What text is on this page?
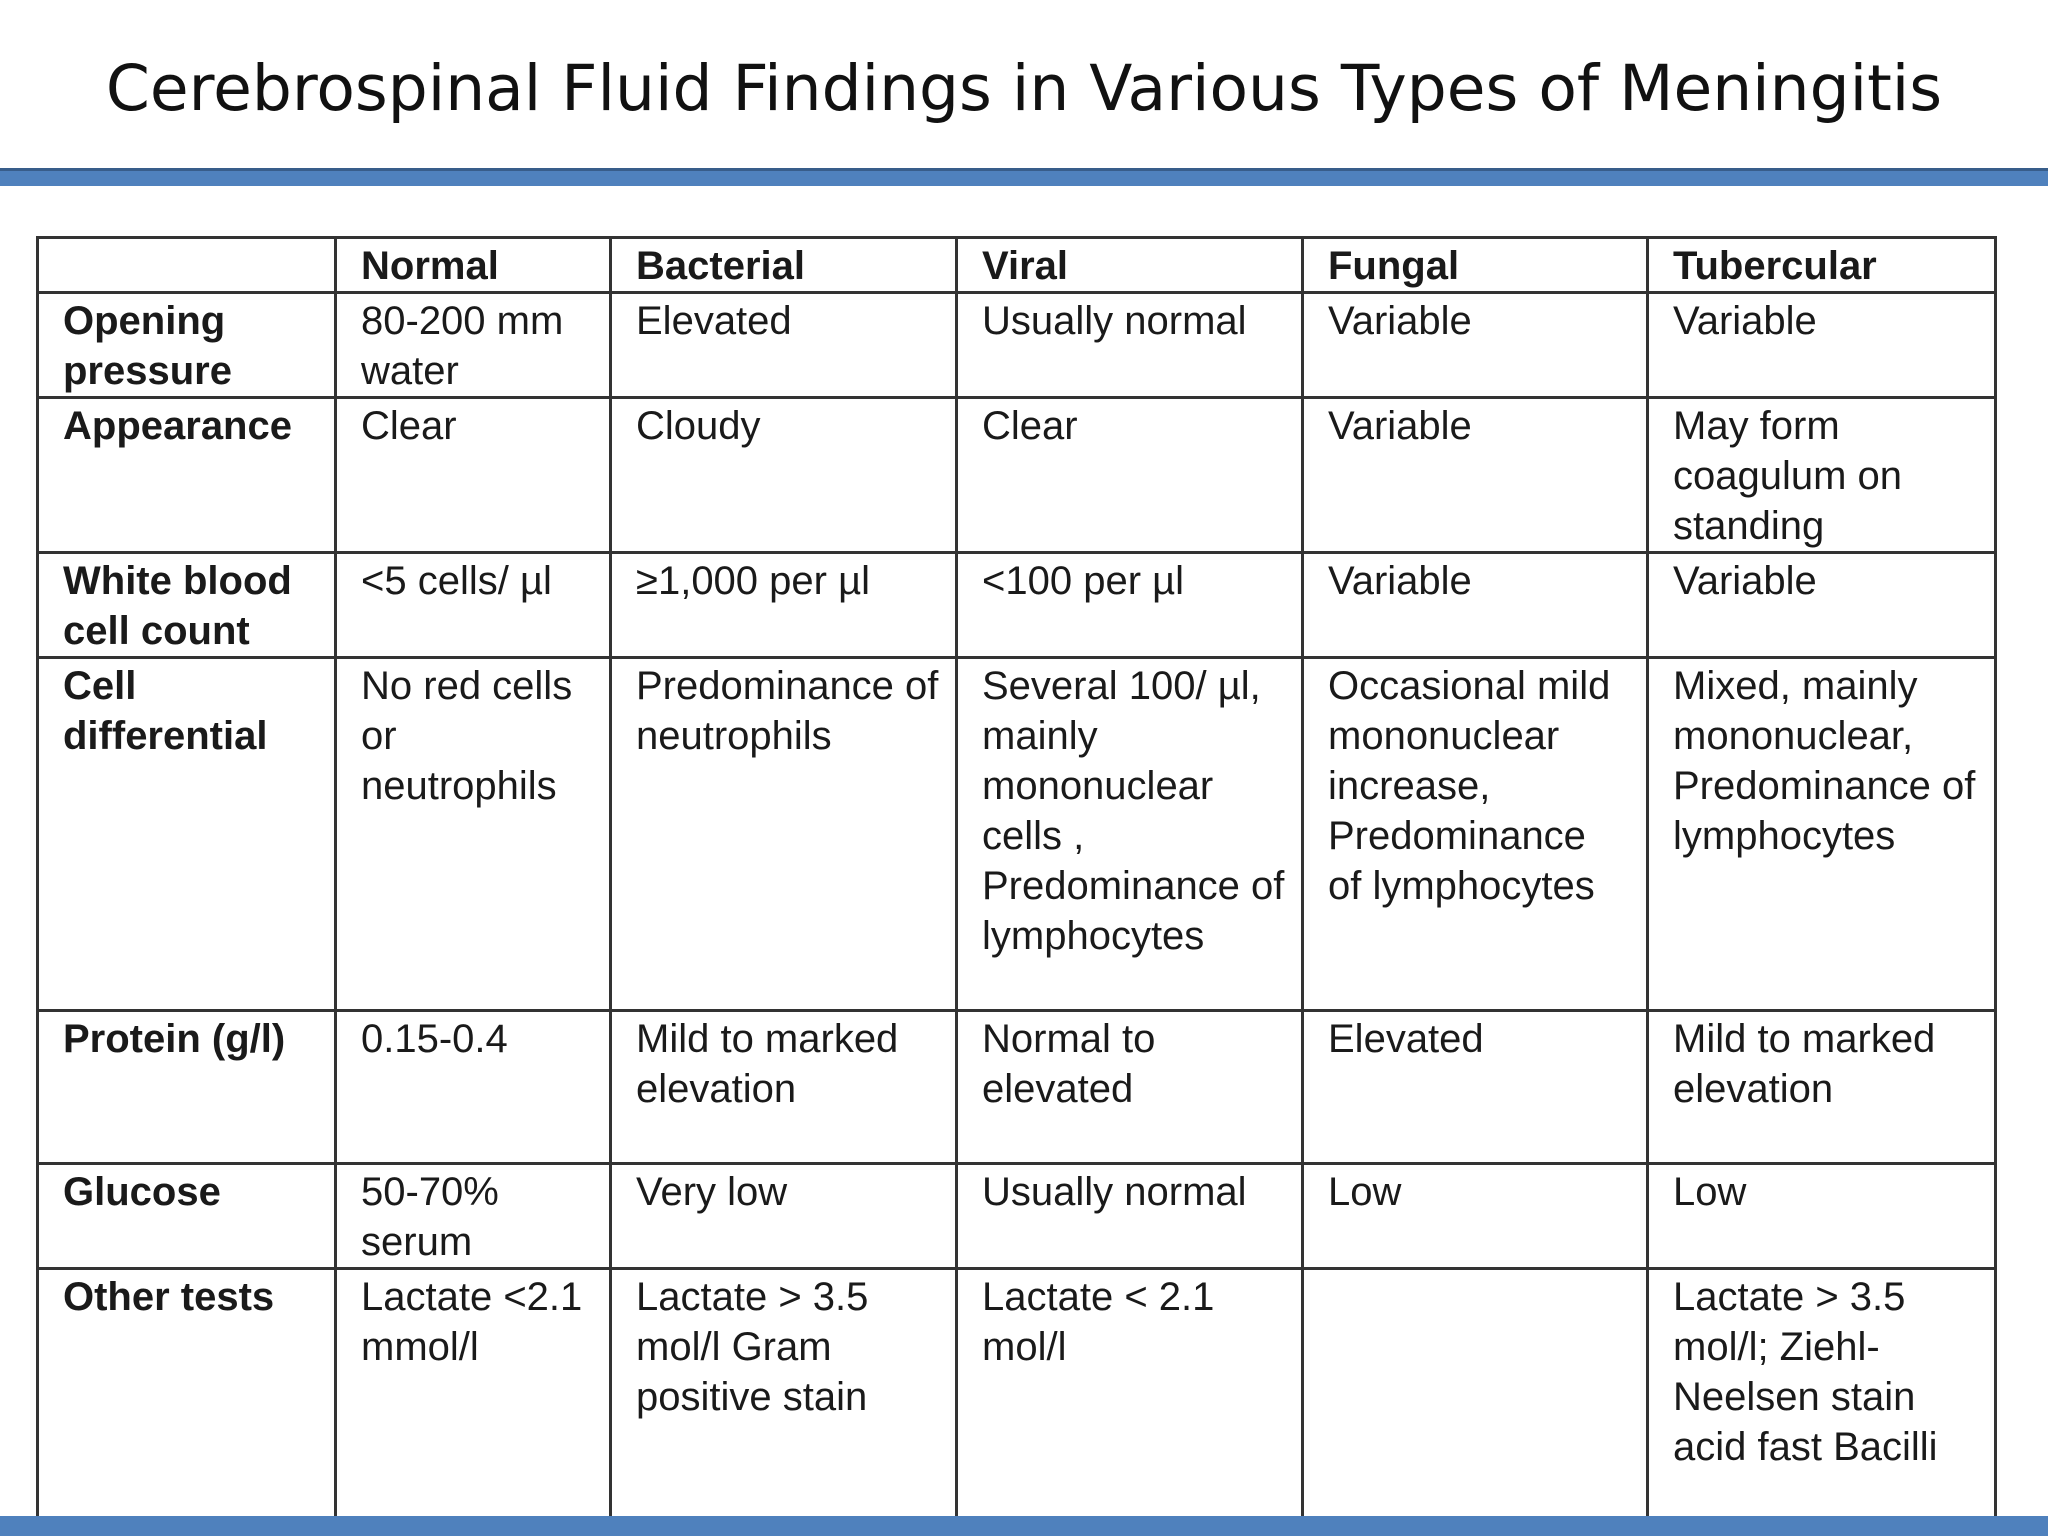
Cerebrospinal Fluid Findings in Various Types of Meningitis
	Normal	Bacterial	Viral	Fungal	Tubercular
Opening pressure	80-200 mm water	Elevated	Usually normal	Variable	Variable
Appearance	Clear	Cloudy	Clear	Variable	May form coagulum on standing
White blood cell count	<5 cells/ µl	≥1,000 per µl	<100 per µl	Variable	Variable
Cell differential	No red cells or neutrophils	Predominance of neutrophils	Several 100/ µl, mainly mononuclear cells , Predominance of lymphocytes	Occasional mild mononuclear increase, Predominance of lymphocytes	Mixed, mainly mononuclear, Predominance of lymphocytes
Protein (g/l)	0.15-0.4	Mild to marked elevation	Normal to elevated	Elevated	Mild to marked elevation
Glucose	50-70% serum	Very low	Usually normal	Low	Low
Other tests	Lactate <2.1 mmol/l	Lactate > 3.5 mol/l Gram positive stain	Lactate < 2.1 mol/l		Lactate > 3.5 mol/l; Ziehl-Neelsen stain acid fast Bacilli
